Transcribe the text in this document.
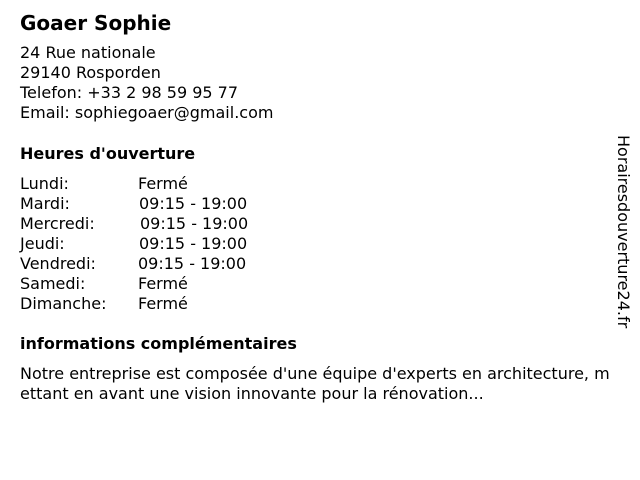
Goaer Sophie
24 Rue nationale
29140 Rosporden
Telefon: +33 2 98 59 95 77
Email: sophiegoaer@gmail.com
Heures d'ouverture
Lundi:	Fermé
Mardi:	09:15 - 19:00
Mercredi:	09:15 - 19:00
Jeudi:	09:15 - 19:00
Vendredi:	09:15 - 19:00
Samedi:	Fermé
Dimanche: Fermé
informations complémentaires
Notre entreprise est composée d'une équipe d'experts en architecture, mettant en avant une vision innovante pour la rénovation...
Horairesdouverture24.fr
